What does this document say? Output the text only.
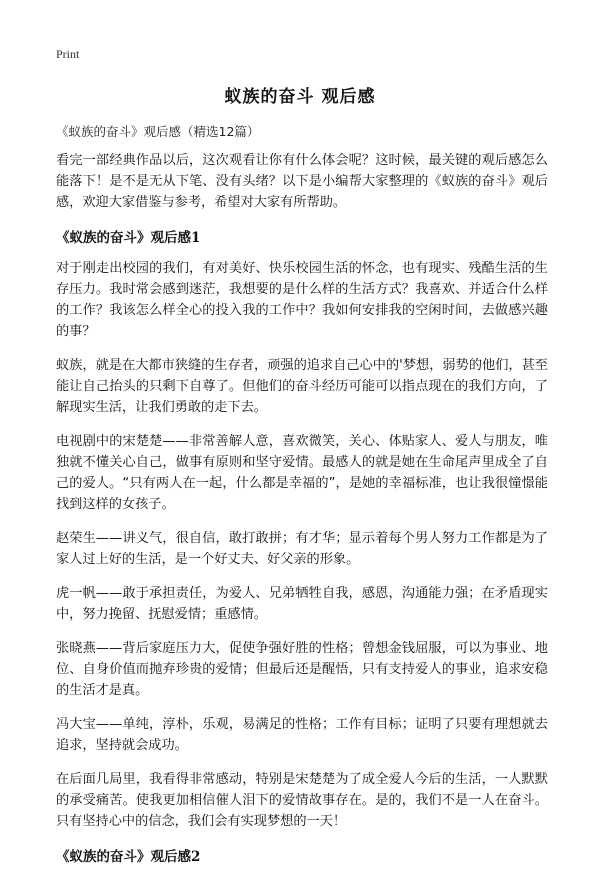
Print
蚁族的奋斗 观后感
《蚁族的奋斗》观后感（精选12篇）

看完一部经典作品以后，这次观看让你有什么体会呢？这时候，最关键的观后感怎么能落下！是不是无从下笔、没有头绪？以下是小编帮大家整理的《蚁族的奋斗》观后感，欢迎大家借鉴与参考，希望对大家有所帮助。

《蚁族的奋斗》观后感1

对于刚走出校园的我们，有对美好、快乐校园生活的怀念，也有现实、残酷生活的生存压力。我时常会感到迷茫，我想要的是什么样的生活方式？我喜欢、并适合什么样的工作？我该怎么样全心的投入我的工作中？我如何安排我的空闲时间，去做感兴趣的事？

蚁族，就是在大都市狭缝的生存者，顽强的追求自己心中的'梦想，弱势的他们，甚至能让自己抬头的只剩下自尊了。但他们的奋斗经历可能可以指点现在的我们方向，了解现实生活，让我们勇敢的走下去。

电视剧中的宋楚楚——非常善解人意，喜欢微笑，关心、体贴家人、爱人与朋友，唯独就不懂关心自己，做事有原则和坚守爱情。最感人的就是她在生命尾声里成全了自己的爱人。“只有两人在一起，什么都是幸福的”，是她的幸福标准，也让我很憧憬能找到这样的女孩子。

赵荣生——讲义气，很自信，敢打敢拼；有才华；显示着每个男人努力工作都是为了家人过上好的生活，是一个好丈夫、好父亲的形象。

虎一帆——敢于承担责任，为爱人、兄弟牺牲自我，感恩，沟通能力强；在矛盾现实中，努力挽留、抚慰爱情；重感情。

张晓燕——背后家庭压力大，促使争强好胜的性格；曾想金钱屈服，可以为事业、地位、自身价值而抛弃珍贵的爱情；但最后还是醒悟，只有支持爱人的事业，追求安稳的生活才是真。

冯大宝——单纯，淳朴，乐观，易满足的性格；工作有目标；证明了只要有理想就去追求，坚持就会成功。

在后面几局里，我看得非常感动，特别是宋楚楚为了成全爱人今后的生活，一人默默的承受痛苦。使我更加相信催人泪下的爱情故事存在。是的，我们不是一人在奋斗。只有坚持心中的信念，我们会有实现梦想的一天！

《蚁族的奋斗》观后感2
